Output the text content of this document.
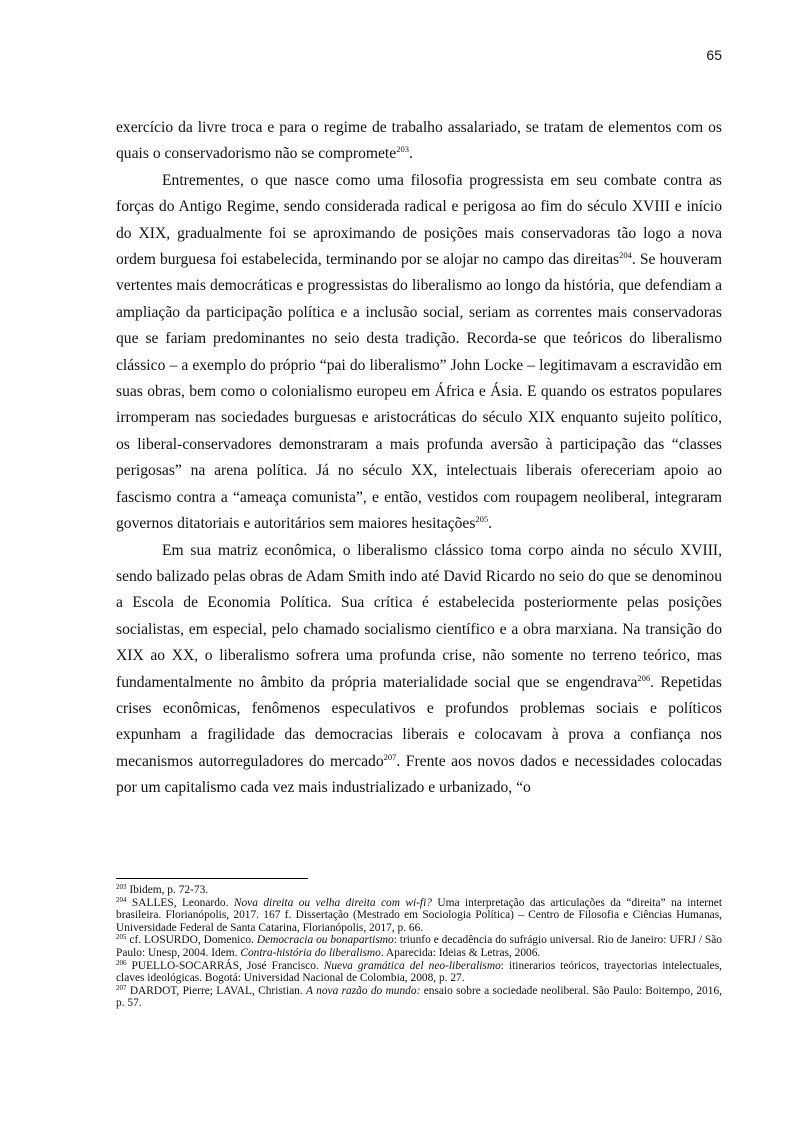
65

exercício da livre troca e para o regime de trabalho assalariado, se tratam de elementos com os quais o conservadorismo não se compromete$^{203}$.

Entrementes, o que nasce como uma filosofia progressista em seu combate contra as forças do Antigo Regime, sendo considerada radical e perigosa ao fim do século XVIII e início do XIX, gradualmente foi se aproximando de posições mais conservadoras tão logo a nova ordem burguesa foi estabelecida, terminando por se alojar no campo das direitas$^{204}$. Se houveram vertentes mais democráticas e progressistas do liberalismo ao longo da história, que defendiam a ampliação da participação política e a inclusão social, seriam as correntes mais conservadoras que se fariam predominantes no seio desta tradição. Recorda-se que teóricos do liberalismo clássico – a exemplo do próprio “pai do liberalismo” John Locke – legitimavam a escravidão em suas obras, bem como o colonialismo europeu em África e Ásia. E quando os estratos populares irromperam nas sociedades burguesas e aristocráticas do século XIX enquanto sujeito político, os liberal-conservadores demonstraram a mais profunda aversão à participação das “classes perigosas” na arena política. Já no século XX, intelectuais liberais ofereceriam apoio ao fascismo contra a “ameaça comunista”, e então, vestidos com roupagem neoliberal, integraram governos ditatoriais e autoritários sem maiores hesitações$^{205}$.

Em sua matriz econômica, o liberalismo clássico toma corpo ainda no século XVIII, sendo balizado pelas obras de Adam Smith indo até David Ricardo no seio do que se denominou a Escola de Economia Política. Sua crítica é estabelecida posteriormente pelas posições socialistas, em especial, pelo chamado socialismo científico e a obra marxiana. Na transição do XIX ao XX, o liberalismo sofrera uma profunda crise, não somente no terreno teórico, mas fundamentalmente no âmbito da própria materialidade social que se engendrava$^{206}$. Repetidas crises econômicas, fenômenos especulativos e profundos problemas sociais e políticos expunham a fragilidade das democracias liberais e colocavam à prova a confiança nos mecanismos autorreguladores do mercado$^{207}$. Frente aos novos dados e necessidades colocadas por um capitalismo cada vez mais industrializado e urbanizado, “o

$^{203}$ Ibidem, p. 72-73.

$^{204}$ SALLES, Leonardo. Nova direita ou velha direita com wi-fi? Uma interpretação das articulações da “direita” na internet brasileira. Florianópolis, 2017. 167 f. Dissertação (Mestrado em Sociologia Política) – Centro de Filosofia e Ciências Humanas, Universidade Federal de Santa Catarina, Florianópolis, 2017, p. 66.

$^{205}$ cf. LOSURDO, Domenico. Democracia ou bonapartismo: triunfo e decadência do sufrágio universal. Rio de Janeiro: UFRJ / São Paulo: Unesp, 2004. Idem. Contra-história do liberalismo. Aparecida: Ideias & Letras, 2006.

$^{206}$ PUELLO-SOCARRÁS, José Francisco. Nueva gramática del neo-liberalismo: itinerarios teóricos, trayectorias intelectuales, claves ideológicas. Bogotá: Universidad Nacional de Colombia, 2008, p. 27.

$^{207}$ DARDOT, Pierre; LAVAL, Christian. A nova razão do mundo: ensaio sobre a sociedade neoliberal. São Paulo: Boitempo, 2016, p. 57.
